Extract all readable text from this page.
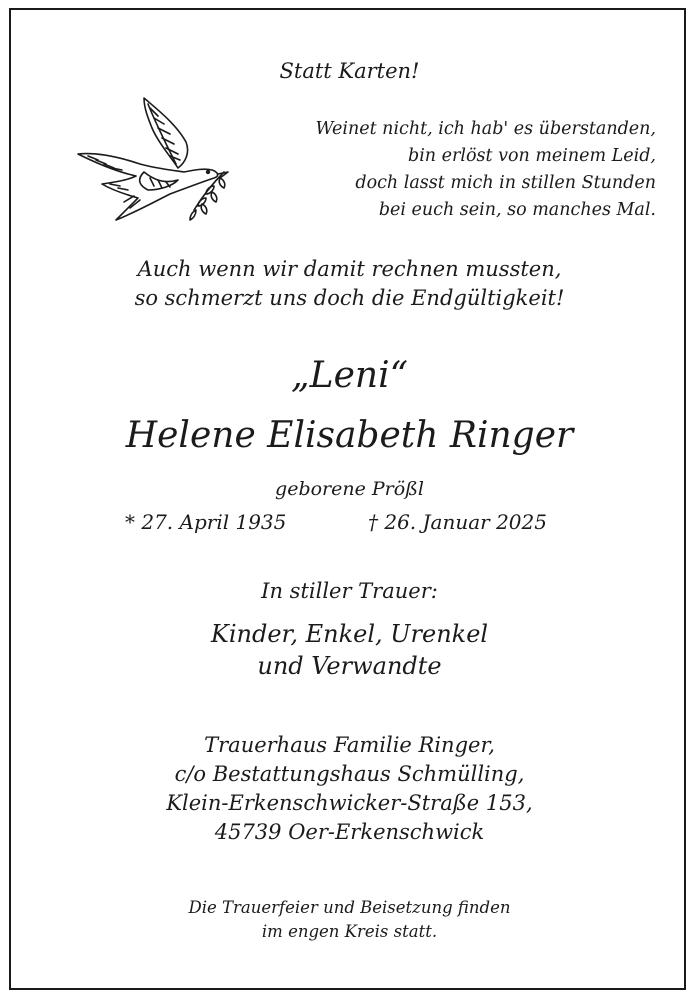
Statt Karten!

Weinet nicht, ich hab' es überstanden,
bin erlöst von meinem Leid,
doch lasst mich in stillen Stunden
bei euch sein, so manches Mal.
Auch wenn wir damit rechnen mussten,
so schmerzt uns doch die Endgültigkeit!

„Leni“

Helene Elisabeth Ringer

geborene Prößl

* 27. April 1935	† 26. Januar 2025

In stiller Trauer:

Kinder, Enkel, Urenkel
und Verwandte
Trauerhaus Familie Ringer,
c/o Bestattungshaus Schmülling,
Klein-Erkenschwicker-Straße 153,
45739 Oer-Erkenschwick
Die Trauerfeier und Beisetzung finden
im engen Kreis statt.
